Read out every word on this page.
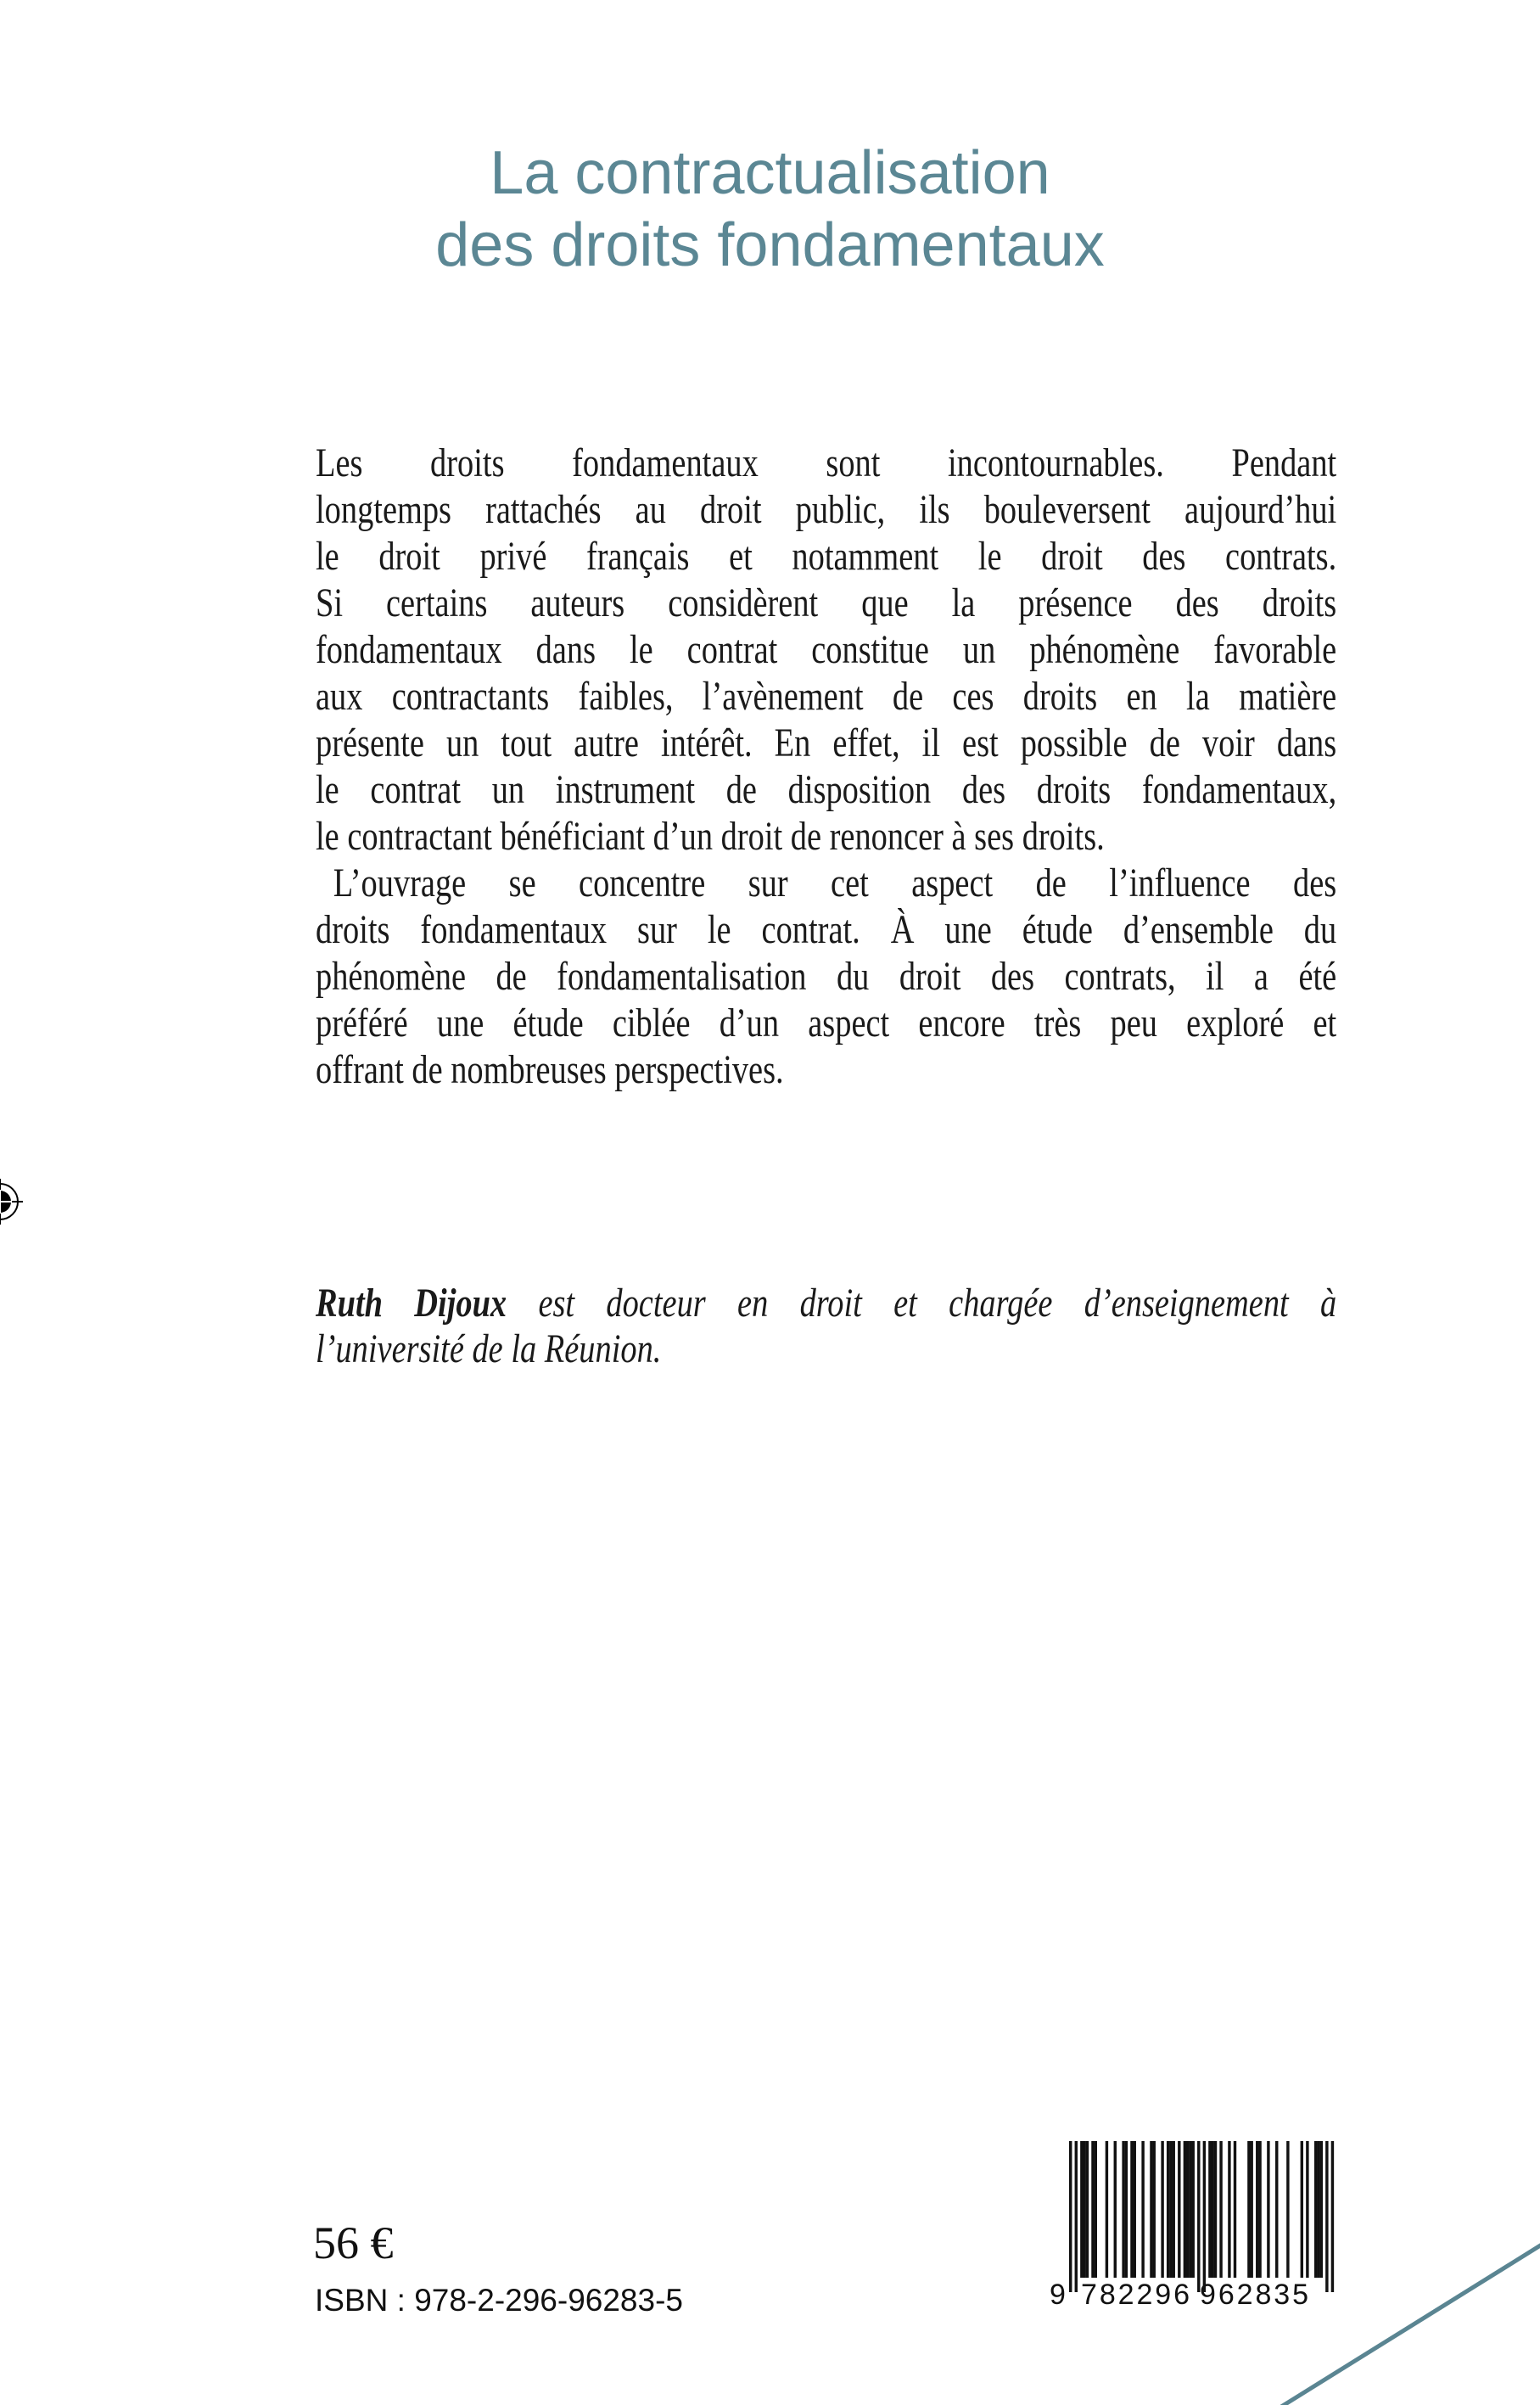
La contractualisation
des droits fondamentaux
Les droits fondamentaux sont incontournables. Pendant
longtemps rattachés au droit public, ils bouleversent aujourd’hui
le droit privé français et notamment le droit des contrats.
Si certains auteurs considèrent que la présence des droits
fondamentaux dans le contrat constitue un phénomène favorable
aux contractants faibles, l’avènement de ces droits en la matière
présente un tout autre intérêt. En effet, il est possible de voir dans
le contrat un instrument de disposition des droits fondamentaux,
le contractant bénéficiant d’un droit de renoncer à ses droits.
L’ouvrage se concentre sur cet aspect de l’influence des
droits fondamentaux sur le contrat. À une étude d’ensemble du
phénomène de fondamentalisation du droit des contrats, il a été
préféré une étude ciblée d’un aspect encore très peu exploré et
offrant de nombreuses perspectives.
Ruth Dijoux est docteur en droit et chargée d’enseignement à
l’université de la Réunion.
56 €
ISBN : 978-2-296-96283-5	9 782296 962835
